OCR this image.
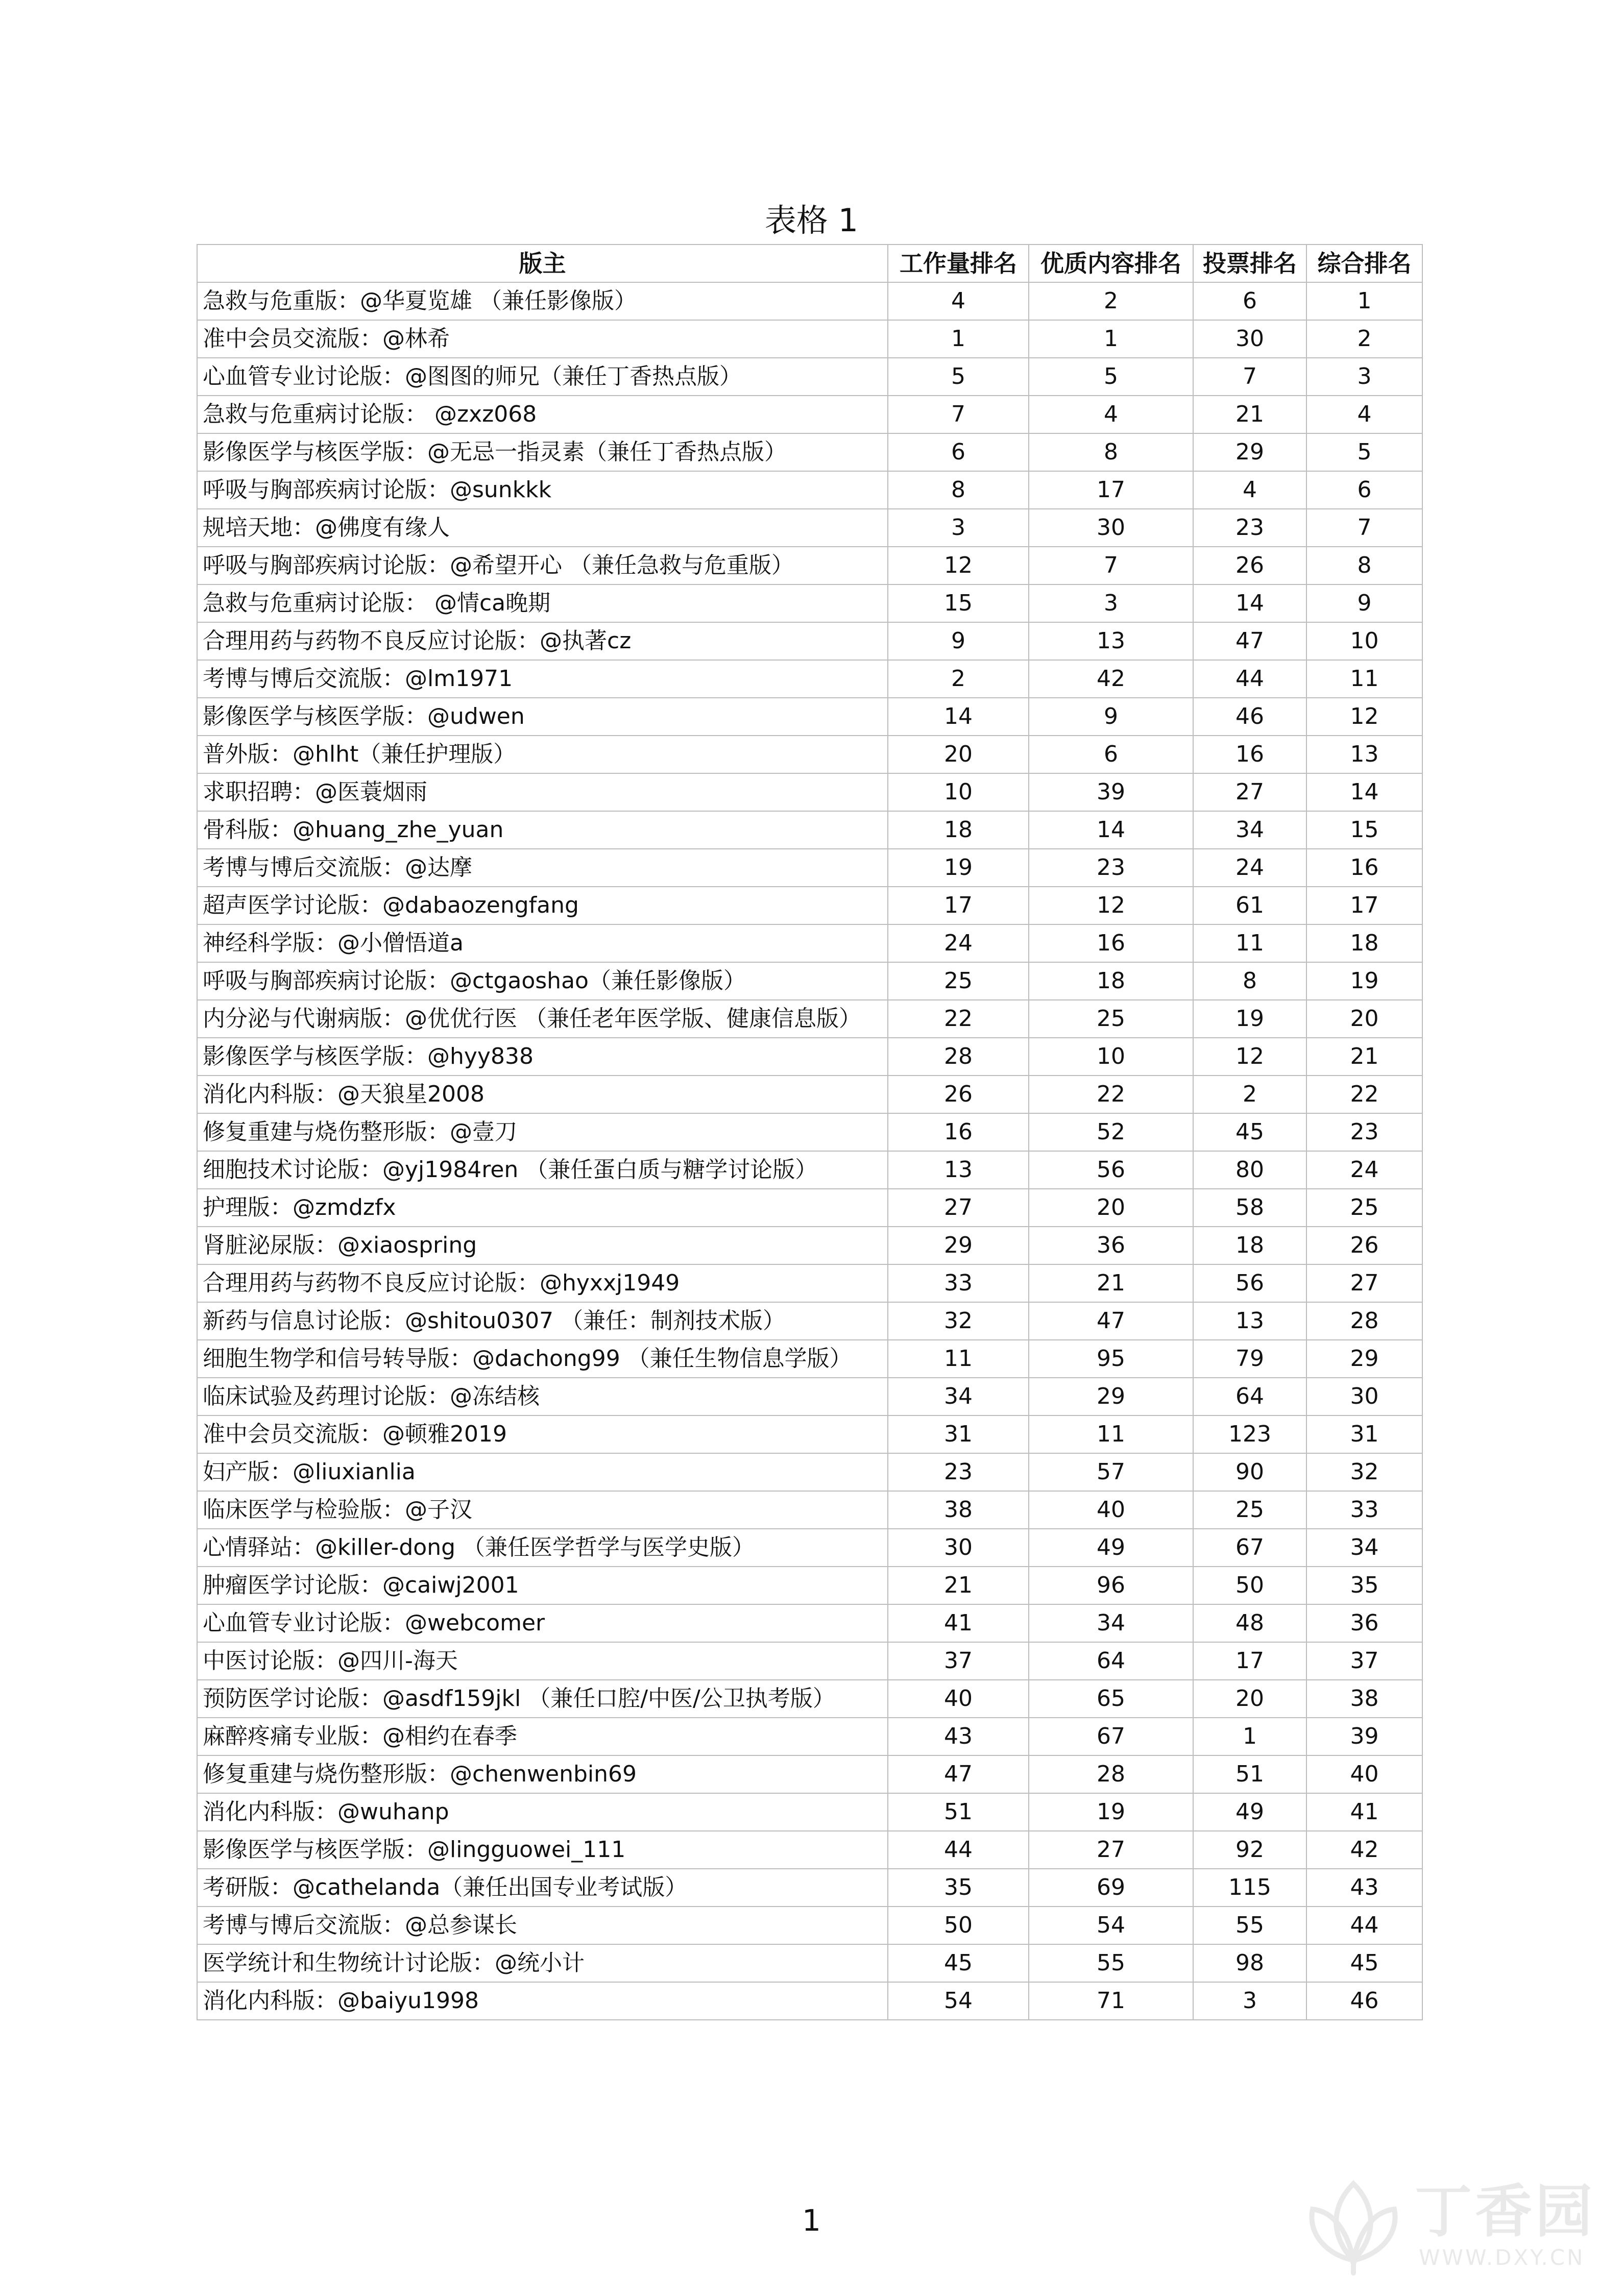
表格 1
版主	工作量排名	优质内容排名	投票排名	综合排名
急救与危重版：@华夏览雄 （兼任影像版）	4	2	6	1
准中会员交流版：@林希	1	1	30	2
心血管专业讨论版：@图图的师兄（兼任丁香热点版）	5	5	7	3
急救与危重病讨论版： @zxz068	7	4	21	4
影像医学与核医学版：@无忌一指灵素（兼任丁香热点版）	6	8	29	5
呼吸与胸部疾病讨论版：@sunkkk	8	17	4	6
规培天地：@佛度有缘人	3	30	23	7
呼吸与胸部疾病讨论版：@希望开心 （兼任急救与危重版）	12	7	26	8
急救与危重病讨论版： @情ca晚期	15	3	14	9
合理用药与药物不良反应讨论版：@执著cz	9	13	47	10
考博与博后交流版：@lm1971	2	42	44	11
影像医学与核医学版：@udwen	14	9	46	12
普外版：@hlht（兼任护理版）	20	6	16	13
求职招聘：@医蓑烟雨	10	39	27	14
骨科版：@huang_zhe_yuan	18	14	34	15
考博与博后交流版：@达摩	19	23	24	16
超声医学讨论版：@dabaozengfang	17	12	61	17
神经科学版：@小僧悟道a	24	16	11	18
呼吸与胸部疾病讨论版：@ctgaoshao（兼任影像版）	25	18	8	19
内分泌与代谢病版：@优优行医 （兼任老年医学版、健康信息版）	22	25	19	20
影像医学与核医学版：@hyy838	28	10	12	21
消化内科版：@天狼星2008	26	22	2	22
修复重建与烧伤整形版：@壹刀	16	52	45	23
细胞技术讨论版：@yj1984ren （兼任蛋白质与糖学讨论版）	13	56	80	24
护理版：@zmdzfx	27	20	58	25
肾脏泌尿版：@xiaospring	29	36	18	26
合理用药与药物不良反应讨论版：@hyxxj1949	33	21	56	27
新药与信息讨论版：@shitou0307 （兼任：制剂技术版）	32	47	13	28
细胞生物学和信号转导版：@dachong99 （兼任生物信息学版）	11	95	79	29
临床试验及药理讨论版：@冻结核	34	29	64	30
准中会员交流版：@顿雅2019	31	11	123	31
妇产版：@liuxianlia	23	57	90	32
临床医学与检验版：@子汉	38	40	25	33
心情驿站：@killer-dong （兼任医学哲学与医学史版）	30	49	67	34
肿瘤医学讨论版：@caiwj2001	21	96	50	35
心血管专业讨论版：@webcomer	41	34	48	36
中医讨论版：@四川-海天	37	64	17	37
预防医学讨论版：@asdf159jkl （兼任口腔/中医/公卫执考版）	40	65	20	38
麻醉疼痛专业版：@相约在春季	43	67	1	39
修复重建与烧伤整形版：@chenwenbin69	47	28	51	40
消化内科版：@wuhanp	51	19	49	41
影像医学与核医学版：@lingguowei_111	44	27	92	42
考研版：@cathelanda（兼任出国专业考试版）	35	69	115	43
考博与博后交流版：@总参谋长	50	54	55	44
医学统计和生物统计讨论版：@统小计	45	55	98	45
消化内科版：@baiyu1998	54	71	3	46
1	丁香园
WWW.DXY.CN
